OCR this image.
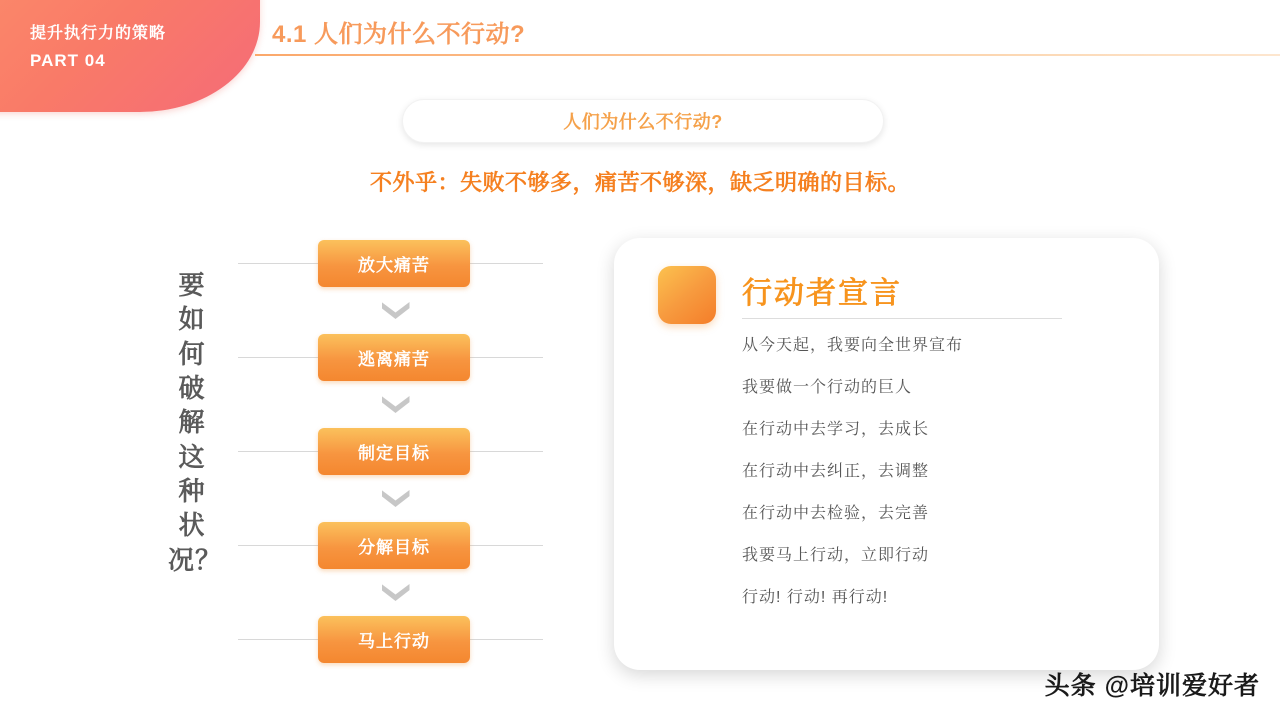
提升执行力的策略
PART 04
4.1 人们为什么不行动?
人们为什么不行动?
不外乎：失败不够多，痛苦不够深，缺乏明确的目标。
要如何破解这种状况？
放大痛苦
逃离痛苦
制定目标
分解目标
马上行动
行动者宣言
从今天起，我要向全世界宣布
我要做一个行动的巨人
在行动中去学习，去成长
在行动中去纠正，去调整
在行动中去检验，去完善
我要马上行动，立即行动
行动! 行动! 再行动!
头条 @培训爱好者
